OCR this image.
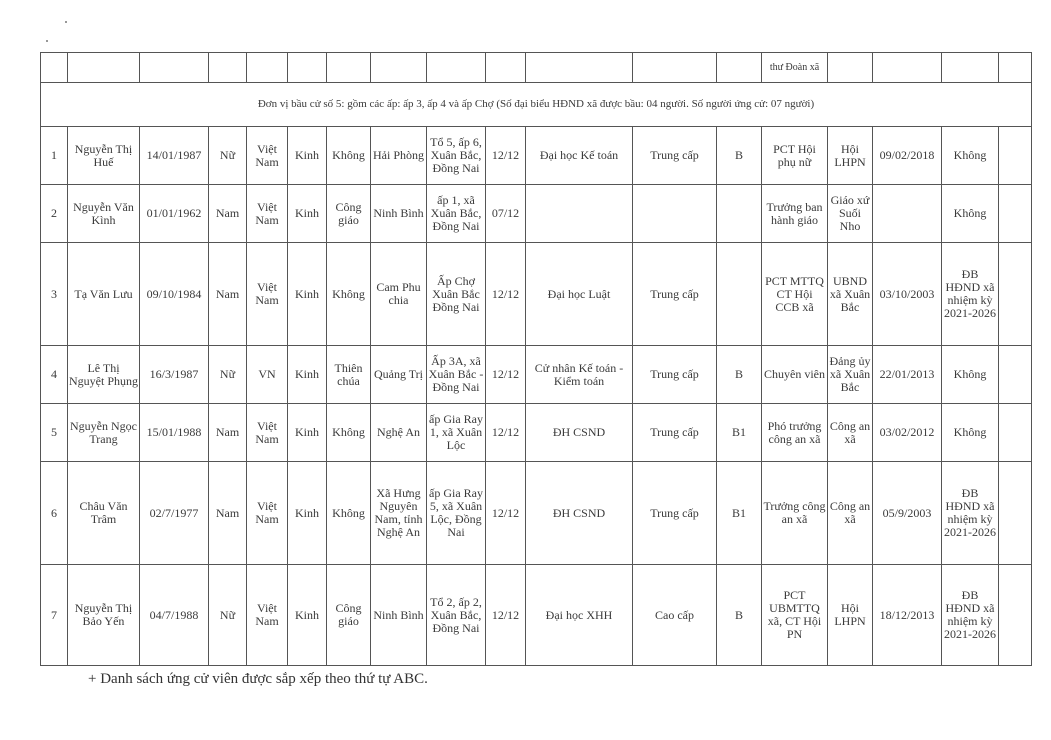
													thư Đoàn xã				
Đơn vị bầu cử số 5: gồm các ấp: ấp 3, ấp 4 và ấp Chợ (Số đại biểu HĐND xã được bầu: 04 người. Số người ứng cử: 07 người)																	
1	Nguyễn Thị Huế	14/01/1987	Nữ	Việt Nam	Kinh	Không	Hải Phòng	Tổ 5, ấp 6, Xuân Bắc, Đồng Nai	12/12	Đại học Kế toán	Trung cấp	B	PCT Hội phụ nữ	Hội LHPN	09/02/2018	Không	
2	Nguyễn Văn Kình	01/01/1962	Nam	Việt Nam	Kinh	Công giáo	Ninh Bình	ấp 1, xã Xuân Bắc, Đồng Nai	07/12				Trưởng ban hành giáo	Giáo xứ Suối Nho		Không	
3	Tạ Văn Lưu	09/10/1984	Nam	Việt Nam	Kinh	Không	Cam Phu chia	Ấp Chợ Xuân Bắc Đồng Nai	12/12	Đại học Luật	Trung cấp		PCT MTTQ CT Hội CCB xã	UBND xã Xuân Bắc	03/10/2003	ĐB HĐND xã nhiệm kỳ 2021-2026	
4	Lê Thị Nguyệt Phụng	16/3/1987	Nữ	VN	Kinh	Thiên chúa	Quảng Trị	Ấp 3A, xã Xuân Bắc - Đồng Nai	12/12	Cử nhân Kế toán - Kiểm toán	Trung cấp	B	Chuyên viên	Đảng ủy xã Xuân Bắc	22/01/2013	Không	
5	Nguyễn Ngọc Trang	15/01/1988	Nam	Việt Nam	Kinh	Không	Nghệ An	ấp Gia Ray 1, xã Xuân Lộc	12/12	ĐH CSND	Trung cấp	B1	Phó trưởng công an xã	Công an xã	03/02/2012	Không	
6	Châu Văn Trâm	02/7/1977	Nam	Việt Nam	Kinh	Không	Xã Hưng Nguyên Nam, tỉnh Nghệ An	ấp Gia Ray 5, xã Xuân Lộc, Đồng Nai	12/12	ĐH CSND	Trung cấp	B1	Trưởng công an xã	Công an xã	05/9/2003	ĐB HĐND xã nhiệm kỳ 2021-2026	
7	Nguyễn Thị Bảo Yến	04/7/1988	Nữ	Việt Nam	Kinh	Công giáo	Ninh Bình	Tổ 2, ấp 2, Xuân Bắc, Đồng Nai	12/12	Đại học XHH	Cao cấp	B	PCT UBMTTQ xã, CT Hội PN	Hội LHPN	18/12/2013	ĐB HĐND xã nhiệm kỳ 2021-2026	
+ Danh sách ứng cử viên được sắp xếp theo thứ tự ABC.
